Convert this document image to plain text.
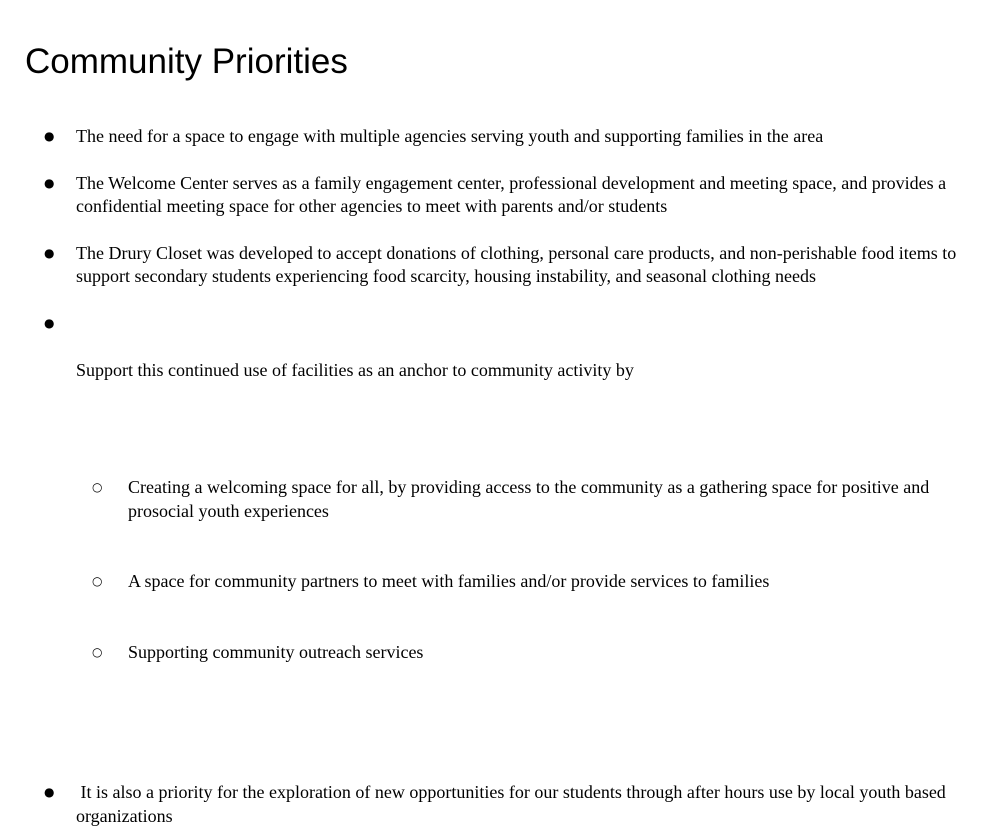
Community Priorities
●	The need for a space to engage with multiple agencies serving youth and supporting families in the area
●	The Welcome Center serves as a family engagement center, professional development and meeting space, and provides a confidential meeting space for other agencies to meet with parents and/or students
●	The Drury Closet was developed to accept donations of clothing, personal care products, and non-perishable food items to support secondary students experiencing food scarcity, housing instability, and seasonal clothing needs
●

Support this continued use of facilities as an anchor to community activity by

○	Creating a welcoming space for all, by providing access to the community as a gathering space for positive and prosocial youth experiences

○	A space for community partners to meet with families and/or provide services to families

○	Supporting community outreach services

●	It is also a priority for the exploration of new opportunities for our students through after hours use by local youth based organizations
